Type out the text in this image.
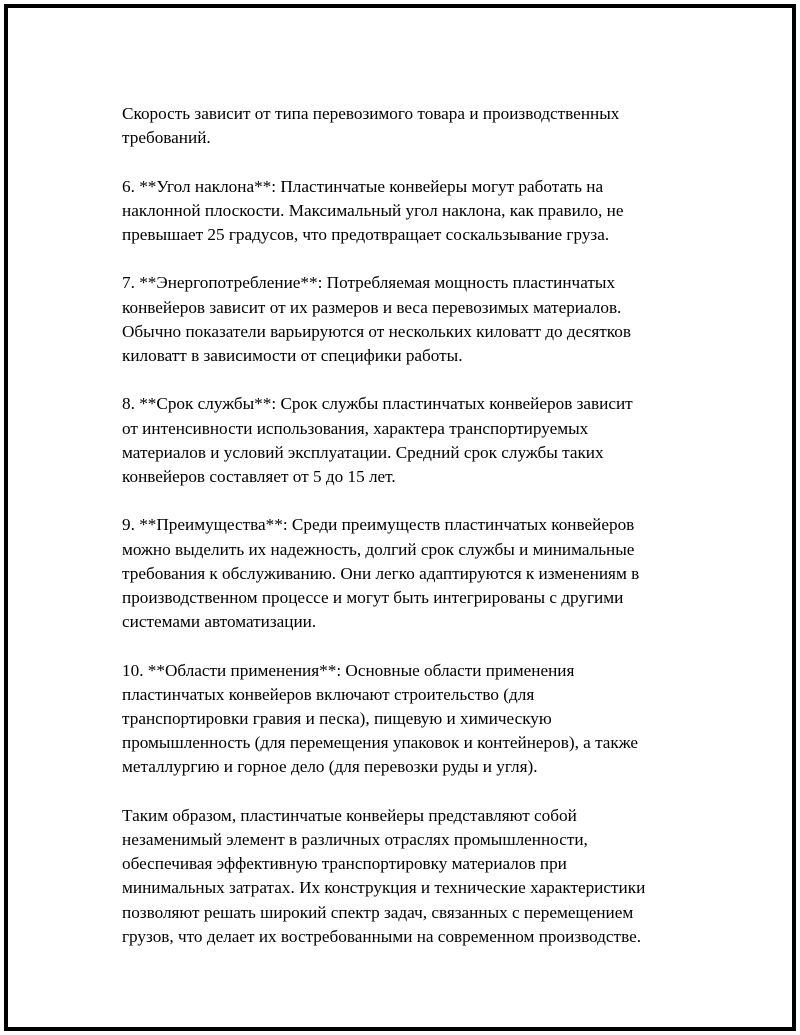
Скорость зависит от типа перевозимого товара и производственных
требований.

6. **Угол наклона**: Пластинчатые конвейеры могут работать на
наклонной плоскости. Максимальный угол наклона, как правило, не
превышает 25 градусов, что предотвращает соскальзывание груза.

7. **Энергопотребление**: Потребляемая мощность пластинчатых
конвейеров зависит от их размеров и веса перевозимых материалов.
Обычно показатели варьируются от нескольких киловатт до десятков
киловатт в зависимости от специфики работы.

8. **Срок службы**: Срок службы пластинчатых конвейеров зависит
от интенсивности использования, характера транспортируемых
материалов и условий эксплуатации. Средний срок службы таких
конвейеров составляет от 5 до 15 лет.

9. **Преимущества**: Среди преимуществ пластинчатых конвейеров
можно выделить их надежность, долгий срок службы и минимальные
требования к обслуживанию. Они легко адаптируются к изменениям в
производственном процессе и могут быть интегрированы с другими
системами автоматизации.

10. **Области применения**: Основные области применения
пластинчатых конвейеров включают строительство (для
транспортировки гравия и песка), пищевую и химическую
промышленность (для перемещения упаковок и контейнеров), а также
металлургию и горное дело (для перевозки руды и угля).

Таким образом, пластинчатые конвейеры представляют собой
незаменимый элемент в различных отраслях промышленности,
обеспечивая эффективную транспортировку материалов при
минимальных затратах. Их конструкция и технические характеристики
позволяют решать широкий спектр задач, связанных с перемещением
грузов, что делает их востребованными на современном производстве.
